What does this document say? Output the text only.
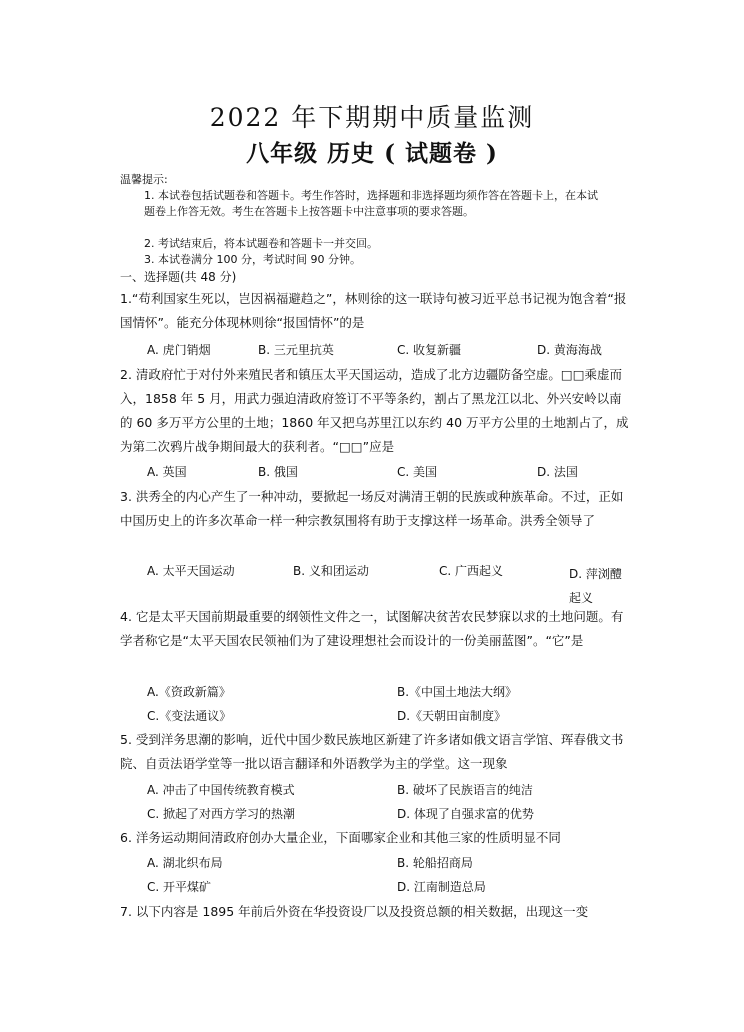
2022 年下期期中质量监测
八年级 历史 ( 试题卷 )
温馨提示:
1. 本试卷包括试题卷和答题卡。考生作答时，选择题和非选择题均须作答在答题卡上，在本试题卷上作答无效。考生在答题卡上按答题卡中注意事项的要求答题。
2. 考试结束后，将本试题卷和答题卡一并交回。
3. 本试卷满分 100 分，考试时间 90 分钟。
一、选择题(共 48 分)
1.“苟利国家生死以，岂因祸福避趋之”，林则徐的这一联诗句被习近平总书记视为饱含着“报国情怀”。能充分体现林则徐“报国情怀”的是
A. 虎门销烟	B. 三元里抗英	C. 收复新疆	D. 黄海海战
2. 清政府忙于对付外来殖民者和镇压太平天国运动，造成了北方边疆防备空虚。□□乘虚而入，1858 年 5 月，用武力强迫清政府签订不平等条约，割占了黑龙江以北、外兴安岭以南的 60 多万平方公里的土地；1860 年又把乌苏里江以东约 40 万平方公里的土地割占了，成为第二次鸦片战争期间最大的获利者。“□□”应是
A. 英国	B. 俄国	C. 美国	D. 法国
3. 洪秀全的内心产生了一种冲动，要掀起一场反对满清王朝的民族或种族革命。不过，正如中国历史上的许多次革命一样一种宗教氛围将有助于支撑这样一场革命。洪秀全领导了
A. 太平天国运动	B. 义和团运动	C. 广西起义	D. 萍浏醴起义
4. 它是太平天国前期最重要的纲领性文件之一，试图解决贫苦农民梦寐以求的土地问题。有 学者称它是“太平天国农民领袖们为了建设理想社会而设计的一份美丽蓝图”。“它”是
A.《资政新篇》	B.《中国土地法大纲》
C.《变法通议》	D.《天朝田亩制度》
5. 受到洋务思潮的影响，近代中国少数民族地区新建了许多诸如俄文语言学馆、珲春俄文书院、自贡法语学堂等一批以语言翻译和外语教学为主的学堂。这一现象
A. 冲击了中国传统教育模式	B. 破坏了民族语言的纯洁
C. 掀起了对西方学习的热潮	D. 体现了自强求富的优势
6. 洋务运动期间清政府创办大量企业，下面哪家企业和其他三家的性质明显不同
A. 湖北织布局	B. 轮船招商局
C. 开平煤矿	D. 江南制造总局
7. 以下内容是 1895 年前后外资在华投资设厂以及投资总额的相关数据，出现这一变
